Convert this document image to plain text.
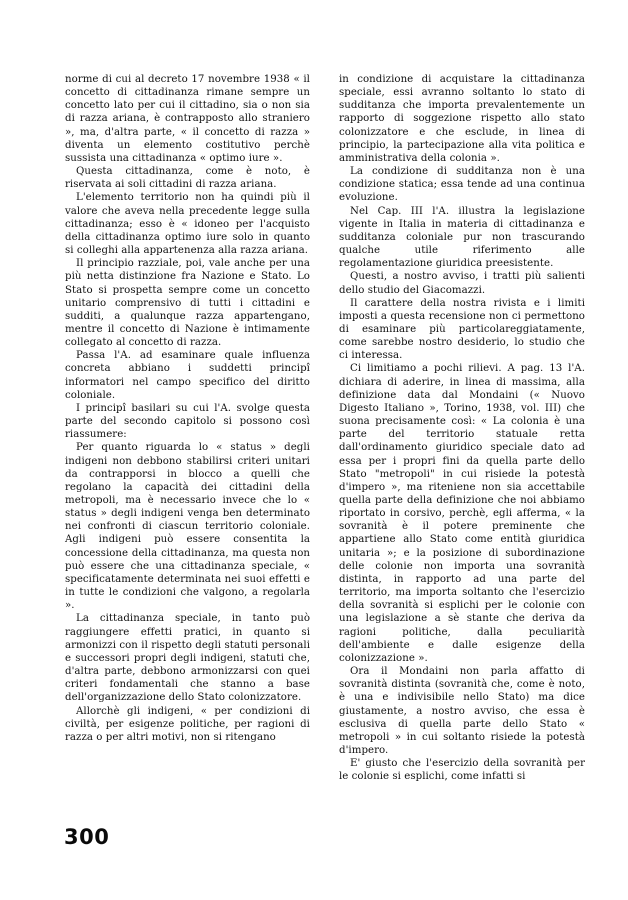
norme di cui al decreto 17 novembre 1938 « il concetto di cittadinanza rimane sempre un concetto lato per cui il cittadino, sia o non sia di razza ariana, è contrapposto allo straniero », ma, d'altra parte, « il concetto di razza » diventa un elemento costitutivo perchè sussista una cittadinanza « optimo iure ».

Questa cittadinanza, come è noto, è riservata ai soli cittadini di razza ariana.

L'elemento territorio non ha quindi più il valore che aveva nella precedente legge sulla cittadinanza; esso è « idoneo per l'acquisto della cittadinanza optimo iure solo in quanto si colleghi alla appartenenza alla razza ariana.

Il principio razziale, poi, vale anche per una più netta distinzione fra Nazione e Stato. Lo Stato si prospetta sempre come un concetto unitario comprensivo di tutti i cittadini e sudditi, a qualunque razza appartengano, mentre il concetto di Nazione è intimamente collegato al concetto di razza.

Passa l'A. ad esaminare quale influenza concreta abbiano i suddetti principî informatori nel campo specifico del diritto coloniale.

I principî basilari su cui l'A. svolge questa parte del secondo capitolo si possono così riassumere:

Per quanto riguarda lo « status » degli indigeni non debbono stabilirsi criteri unitari da contrapporsi in blocco a quelli che regolano la capacità dei cittadini della metropoli, ma è necessario invece che lo « status » degli indigeni venga ben determinato nei confronti di ciascun territorio coloniale. Agli indigeni può essere consentita la concessione della cittadinanza, ma questa non può essere che una cittadinanza speciale, « specificatamente determinata nei suoi effetti e in tutte le condizioni che valgono, a regolarla ».

La cittadinanza speciale, in tanto può raggiungere effetti pratici, in quanto si armonizzi con il rispetto degli statuti personali e successori propri degli indigeni, statuti che, d'altra parte, debbono armonizzarsi con quei criteri fondamentali che stanno a base dell'organizzazione dello Stato colonizzatore.

Allorchè gli indigeni, « per condizioni di civiltà, per esigenze politiche, per ragioni di razza o per altri motivi, non si ritengano

in condizione di acquistare la cittadinanza speciale, essi avranno soltanto lo stato di sudditanza che importa prevalentemente un rapporto di soggezione rispetto allo stato colonizzatore e che esclude, in linea di principio, la partecipazione alla vita politica e amministrativa della colonia ».

La condizione di sudditanza non è una condizione statica; essa tende ad una continua evoluzione.

Nel Cap. III l'A. illustra la legislazione vigente in Italia in materia di cittadinanza e sudditanza coloniale pur non trascurando qualche utile riferimento alle regolamentazione giuridica preesistente.

Questi, a nostro avviso, i tratti più salienti dello studio del Giacomazzi.

Il carattere della nostra rivista e i limiti imposti a questa recensione non ci permettono di esaminare più particolareggiatamente, come sarebbe nostro desiderio, lo studio che ci interessa.

Ci limitiamo a pochi rilievi. A pag. 13 l'A. dichiara di aderire, in linea di massima, alla definizione data dal Mondaini (« Nuovo Digesto Italiano », Torino, 1938, vol. III) che suona precisamente così: « La colonia è una parte del territorio statuale retta dall'ordinamento giuridico speciale dato ad essa per i propri fini da quella parte dello Stato "metropoli" in cui risiede la potestà d'impero », ma riteniene non sia accettabile quella parte della definizione che noi abbiamo riportato in corsivo, perchè, egli afferma, « la sovranità è il potere preminente che appartiene allo Stato come entità giuridica unitaria »; e la posizione di subordinazione delle colonie non importa una sovranità distinta, in rapporto ad una parte del territorio, ma importa soltanto che l'esercizio della sovranità si esplichi per le colonie con una legislazione a sè stante che deriva da ragioni politiche, dalla peculiarità dell'ambiente e dalle esigenze della colonizzazione ».

Ora il Mondaini non parla affatto di sovranità distinta (sovranità che, come è noto, è una e indivisibile nello Stato) ma dice giustamente, a nostro avviso, che essa è esclusiva di quella parte dello Stato « metropoli » in cui soltanto risiede la potestà d'impero.

E' giusto che l'esercizio della sovranità per le colonie si esplichi, come infatti si

300
